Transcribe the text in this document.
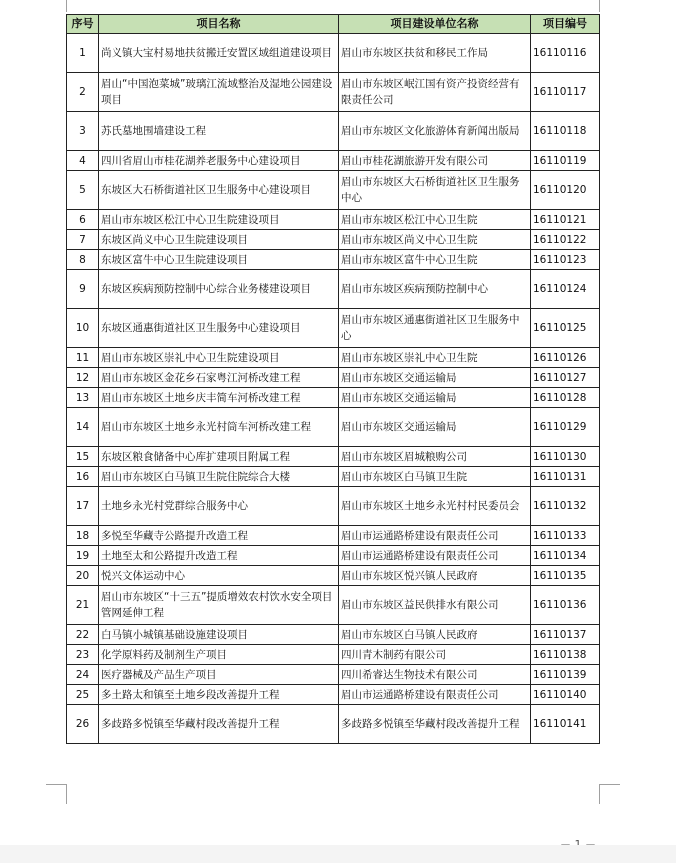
序号	项目名称	项目建设单位名称	项目编号
1	尚义镇大宝村易地扶贫搬迁安置区域组道建设项目	眉山市东坡区扶贫和移民工作局	16110116
2	眉山“中国泡菜城”玻璃江流域整治及湿地公园建设项目	眉山市东坡区岷江国有资产投资经营有限责任公司	16110117
3	苏氏墓地围墙建设工程	眉山市东坡区文化旅游体育新闻出版局	16110118
4	四川省眉山市桂花湖养老服务中心建设项目	眉山市桂花湖旅游开发有限公司	16110119
5	东坡区大石桥街道社区卫生服务中心建设项目	眉山市东坡区大石桥街道社区卫生服务中心	16110120
6	眉山市东坡区松江中心卫生院建设项目	眉山市东坡区松江中心卫生院	16110121
7	东坡区尚义中心卫生院建设项目	眉山市东坡区尚义中心卫生院	16110122
8	东坡区富牛中心卫生院建设项目	眉山市东坡区富牛中心卫生院	16110123
9	东坡区疾病预防控制中心综合业务楼建设项目	眉山市东坡区疾病预防控制中心	16110124
10	东坡区通惠街道社区卫生服务中心建设项目	眉山市东坡区通惠街道社区卫生服务中心	16110125
11	眉山市东坡区崇礼中心卫生院建设项目	眉山市东坡区崇礼中心卫生院	16110126
12	眉山市东坡区金花乡石家粤江河桥改建工程	眉山市东坡区交通运输局	16110127
13	眉山市东坡区土地乡庆丰简车河桥改建工程	眉山市东坡区交通运输局	16110128
14	眉山市东坡区土地乡永光村筒车河桥改建工程	眉山市东坡区交通运输局	16110129
15	东坡区粮食储备中心库扩建项目附属工程	眉山市东坡区眉城粮购公司	16110130
16	眉山市东坡区白马镇卫生院住院综合大楼	眉山市东坡区白马镇卫生院	16110131
17	土地乡永光村党群综合服务中心	眉山市东坡区土地乡永光村村民委员会	16110132
18	多悦至华藏寺公路提升改造工程	眉山市运通路桥建设有限责任公司	16110133
19	土地至太和公路提升改造工程	眉山市运通路桥建设有限责任公司	16110134
20	悦兴文体运动中心	眉山市东坡区悦兴镇人民政府	16110135
21	眉山市东坡区“十三五”提质增效农村饮水安全项目管网延伸工程	眉山市东坡区益民供排水有限公司	16110136
22	白马镇小城镇基础设施建设项目	眉山市东坡区白马镇人民政府	16110137
23	化学原料药及制剂生产项目	四川青木制药有限公司	16110138
24	医疗器械及产品生产项目	四川希睿达生物技术有限公司	16110139
25	多土路太和镇至土地乡段改善提升工程	眉山市运通路桥建设有限责任公司	16110140
26	多歧路多悦镇至华藏村段改善提升工程	多歧路多悦镇至华藏村段改善提升工程	16110141
